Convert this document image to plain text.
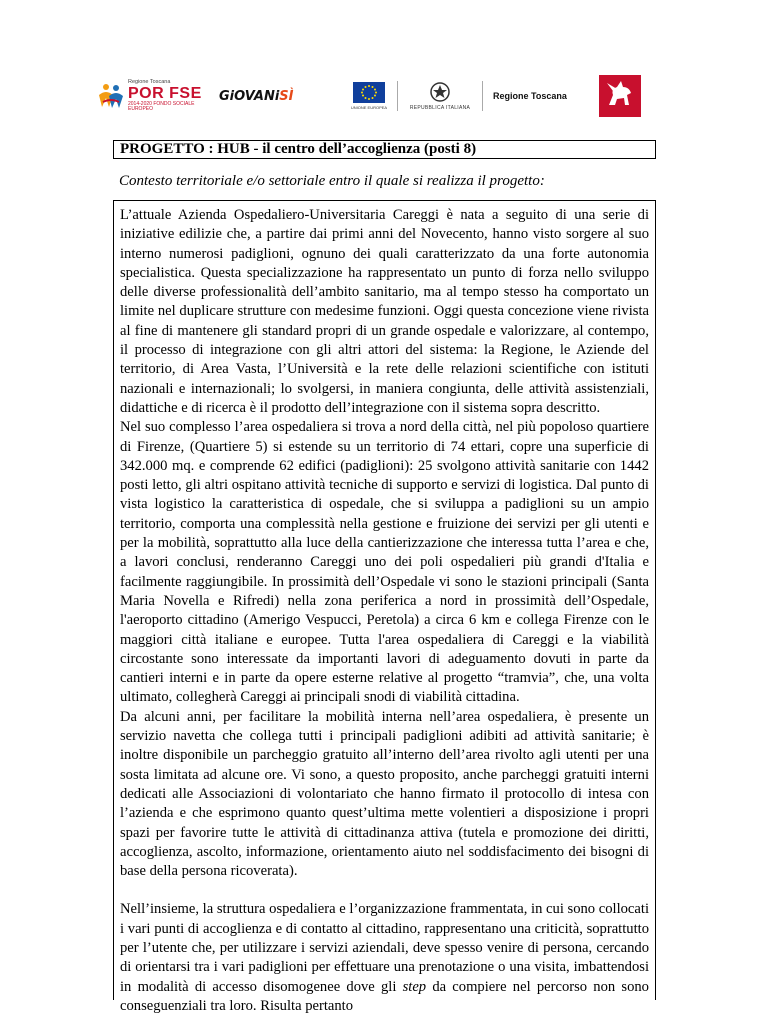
Regione Toscana
POR FSE
2014-2020 FONDO SOCIALE EUROPEO
GiOVANiSÌ
UNIONE EUROPEA	REPUBBLICA ITALIANA
Regione Toscana
PROGETTO : HUB - il centro dell’accoglienza (posti 8)
Contesto territoriale e/o settoriale entro il quale si realizza il progetto:

L’attuale Azienda Ospedaliero-Universitaria Careggi è nata a seguito di una serie di iniziative edilizie che, a partire dai primi anni del Novecento, hanno visto sorgere al suo interno numerosi padiglioni, ognuno dei quali caratterizzato da una forte autonomia specialistica. Questa specializzazione ha rappresentato un punto di forza nello sviluppo delle diverse professionalità dell’ambito sanitario, ma al tempo stesso ha comportato un limite nel duplicare strutture con medesime funzioni. Oggi questa concezione viene rivista al fine di mantenere gli standard propri di un grande ospedale e valorizzare, al contempo, il processo di integrazione con gli altri attori del sistema: la Regione, le Aziende del territorio, di Area Vasta, l’Università e la rete delle relazioni scientifiche con istituti nazionali e internazionali; lo svolgersi, in maniera congiunta, delle attività assistenziali, didattiche e di ricerca è il prodotto dell’integrazione con il sistema sopra descritto.

Nel suo complesso l’area ospedaliera si trova a nord della città, nel più popoloso quartiere di Firenze, (Quartiere 5) si estende su un territorio di 74 ettari, copre una superficie di 342.000 mq. e comprende 62 edifici (padiglioni): 25 svolgono attività sanitarie con 1442 posti letto, gli altri ospitano attività tecniche di supporto e servizi di logistica. Dal punto di vista logistico la caratteristica di ospedale, che si sviluppa a padiglioni su un ampio territorio, comporta una complessità nella gestione e fruizione dei servizi per gli utenti e per la mobilità, soprattutto alla luce della cantierizzazione che interessa tutta l’area e che, a lavori conclusi, renderanno Careggi uno dei poli ospedalieri più grandi d'Italia e facilmente raggiungibile. In prossimità dell’Ospedale vi sono le stazioni principali (Santa Maria Novella e Rifredi) nella zona periferica a nord in prossimità dell’Ospedale, l'aeroporto cittadino (Amerigo Vespucci, Peretola) a circa 6 km e collega Firenze con le maggiori città italiane e europee. Tutta l'area ospedaliera di Careggi e la viabilità circostante sono interessate da importanti lavori di adeguamento dovuti in parte da cantieri interni e in parte da opere esterne relative al progetto “tramvia”, che, una volta ultimato, collegherà Careggi ai principali snodi di viabilità cittadina.

Da alcuni anni, per facilitare la mobilità interna nell’area ospedaliera, è presente un servizio navetta che collega tutti i principali padiglioni adibiti ad attività sanitarie; è inoltre disponibile un parcheggio gratuito all’interno dell’area rivolto agli utenti per una sosta limitata ad alcune ore. Vi sono, a questo proposito, anche parcheggi gratuiti interni dedicati alle Associazioni di volontariato che hanno firmato il protocollo di intesa con l’azienda e che esprimono quanto quest’ultima mette volentieri a disposizione i propri spazi per favorire tutte le attività di cittadinanza attiva (tutela e promozione dei diritti, accoglienza, ascolto, informazione, orientamento aiuto nel soddisfacimento dei bisogni di base della persona ricoverata).

Nell’insieme, la struttura ospedaliera e l’organizzazione frammentata, in cui sono collocati i vari punti di accoglienza e di contatto al cittadino, rappresentano una criticità, soprattutto per l’utente che, per utilizzare i servizi aziendali, deve spesso venire di persona, cercando di orientarsi tra i vari padiglioni per effettuare una prenotazione o una visita, imbattendosi in modalità di accesso disomogenee dove gli step da compiere nel percorso non sono conseguenziali tra loro. Risulta pertanto
